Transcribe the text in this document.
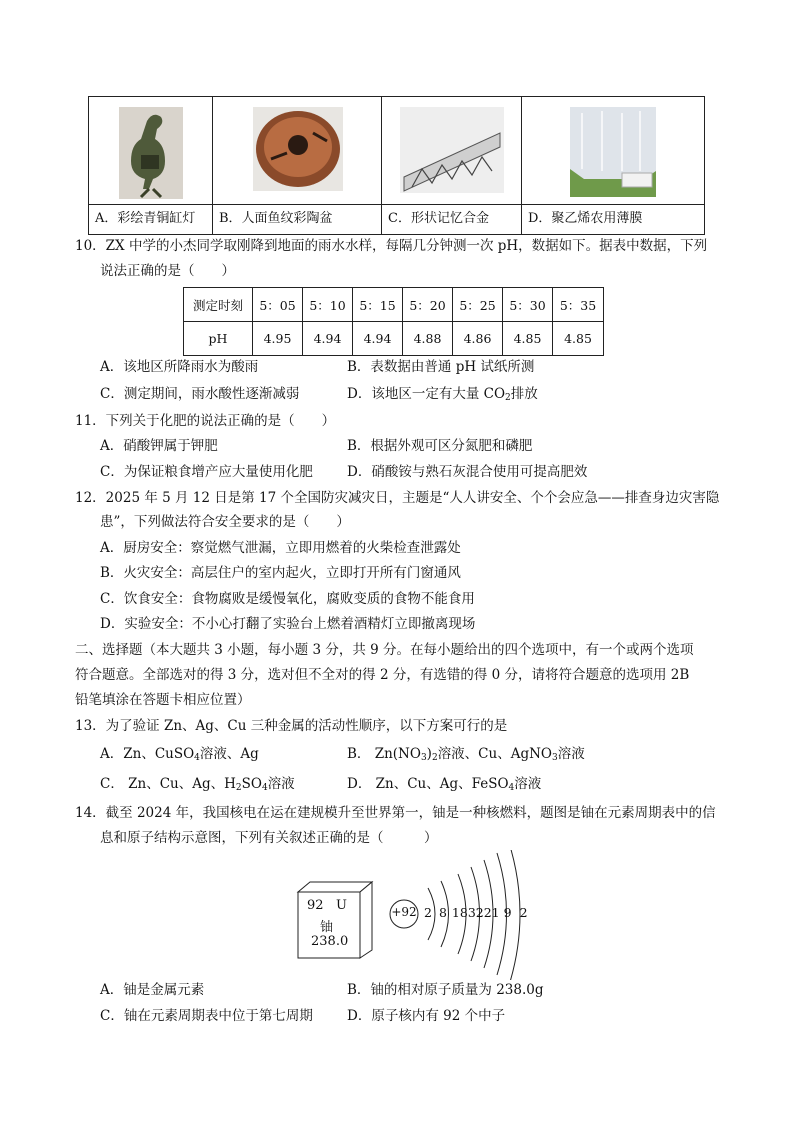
A．彩绘青铜缸灯	B．人面鱼纹彩陶盆	C．形状记忆合金	D．聚乙烯农用薄膜
10．ZX 中学的小杰同学取刚降到地面的雨水水样，每隔几分钟测一次 pH，数据如下。据表中数据，下列
说法正确的是（　　）
测定时刻	5：05	5：10	5：15	5：20	5：25	5：30	5：35
pH	4.95	4.94	4.94	4.88	4.86	4.85	4.85
A．该地区所降雨水为酸雨	B．表数据由普通 pH 试纸所测
C．测定期间，雨水酸性逐渐减弱	D．该地区一定有大量 $CO_2$排放
11．下列关于化肥的说法正确的是（　　）
A．硝酸钾属于钾肥	B．根据外观可区分氮肥和磷肥
C．为保证粮食增产应大量使用化肥	D．硝酸铵与熟石灰混合使用可提高肥效
12．2025 年 5 月 12 日是第 17 个全国防灾减灾日，主题是“人人讲安全、个个会应急——排查身边灾害隐
患”，下列做法符合安全要求的是（　　）
A．厨房安全：察觉燃气泄漏，立即用燃着的火柴检查泄露处
B．火灾安全：高层住户的室内起火，立即打开所有门窗通风
C．饮食安全：食物腐败是缓慢氧化，腐败变质的食物不能食用
D．实验安全：不小心打翻了实验台上燃着酒精灯立即撤离现场
二、选择题（本大题共 3 小题，每小题 3 分，共 9 分。在每小题给出的四个选项中，有一个或两个选项
符合题意。全部选对的得 3 分，选对但不全对的得 2 分，有选错的得 0 分，请将符合题意的选项用 2B
铅笔填涂在答题卡相应位置）
13．为了验证 Zn、Ag、Cu 三种金属的活动性顺序，以下方案可行的是
A．Zn、CuSO$_4$溶液、Ag	B． $Zn(NO_3)_2$溶液、Cu、AgNO$_3$溶液
C． Zn、Cu、Ag、$H_2SO_4$溶液	D． Zn、Cu、Ag、FeSO$_4$溶液
14．截至 2024 年，我国核电在运在建规模升至世界第一，铀是一种核燃料，题图是铀在元素周期表中的信
息和原子结构示意图，下列有关叙述正确的是（　　　）
92 U
铀
238.0
+92 2 8 183221 9 2
A．铀是金属元素	B．铀的相对原子质量为 238.0g
C．铀在元素周期表中位于第七周期	D．原子核内有 92 个中子
